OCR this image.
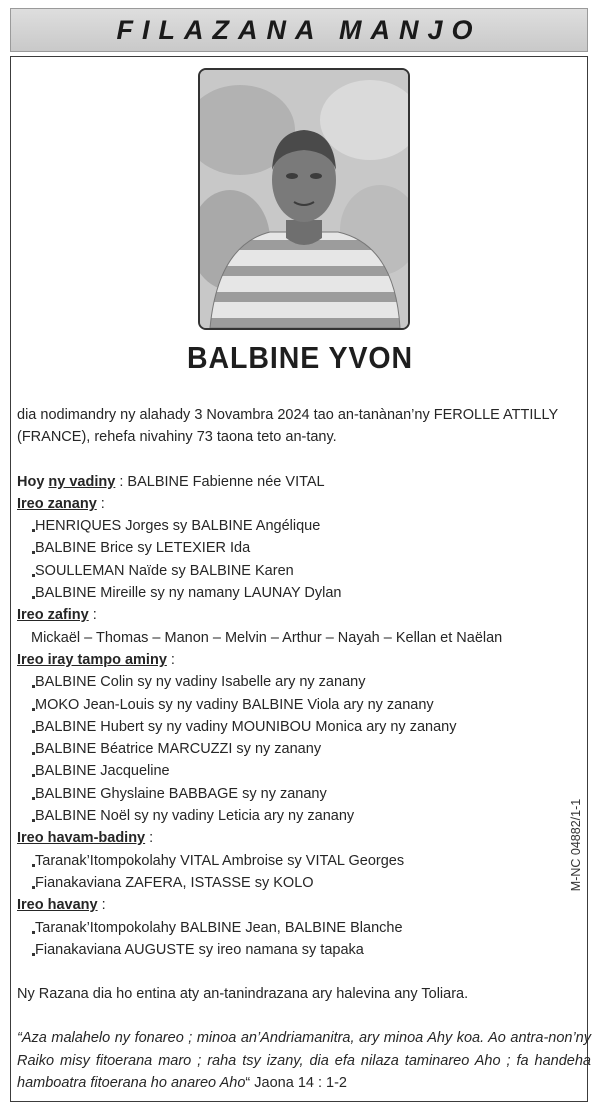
FILAZANA MANJO
BALBINE YVON

dia nodimandry ny alahady 3 Novambra 2024 tao an-tanànan’ny FEROLLE ATTILLY (FRANCE), rehefa nivahiny 73 taona teto an-tany.

Hoy ny vadiny : BALBINE Fabienne née VITAL

Ireo zanany :

HENRIQUES Jorges sy BALBINE Angélique

BALBINE Brice sy LETEXIER Ida

SOULLEMAN Naïde sy BALBINE Karen

BALBINE Mireille sy ny namany LAUNAY Dylan

Ireo zafiny :

Mickaël – Thomas – Manon – Melvin – Arthur – Nayah – Kellan et Naëlan

Ireo iray tampo aminy :

BALBINE Colin sy ny vadiny Isabelle ary ny zanany

MOKO Jean-Louis sy ny vadiny BALBINE Viola ary ny zanany

BALBINE Hubert sy ny vadiny MOUNIBOU Monica ary ny zanany

BALBINE Béatrice MARCUZZI sy ny zanany

BALBINE Jacqueline

BALBINE Ghyslaine BABBAGE sy ny zanany

BALBINE Noël sy ny vadiny Leticia ary ny zanany

Ireo havam-badiny :

Taranak’Itompokolahy VITAL Ambroise sy VITAL Georges

Fianakaviana ZAFERA, ISTASSE sy KOLO

Ireo havany :

Taranak’Itompokolahy BALBINE Jean, BALBINE Blanche

Fianakaviana AUGUSTE sy ireo namana sy tapaka

Ny Razana dia ho entina aty an-tanindrazana ary halevina any Toliara.

“Aza malahelo ny fonareo ; minoa an’Andriamanitra, ary minoa Ahy koa. Ao antra-non’ny Raiko misy fitoerana maro ; raha tsy izany, dia efa nilaza taminareo Aho ; fa handeha hamboatra fitoerana ho anareo Aho“ Jaona 14 : 1-2

M-NC 04882/1-1
